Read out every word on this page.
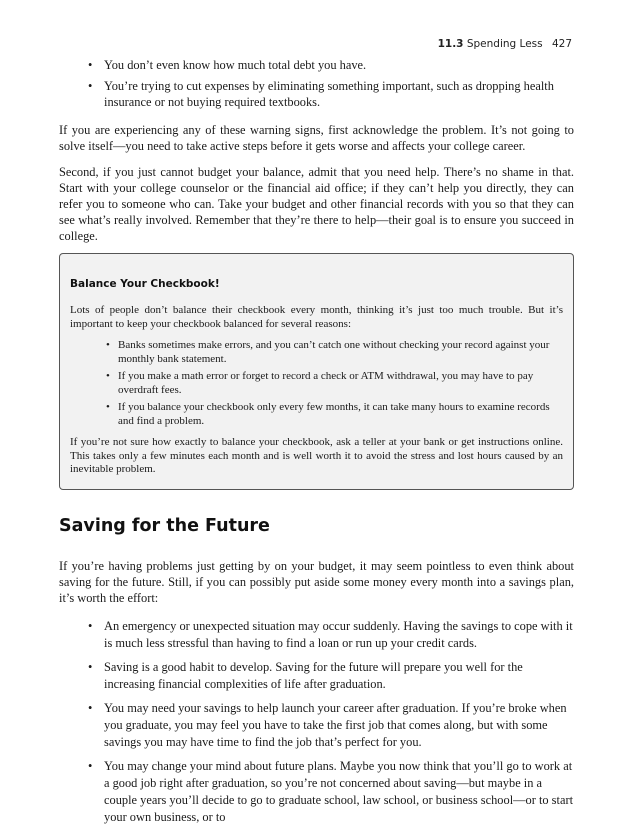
11.3 Spending Less 427
• You don’t even know how much total debt you have.
• You’re trying to cut expenses by eliminating something important, such as dropping health insurance or not buying required textbooks.

If you are experiencing any of these warning signs, first acknowledge the problem. It’s not going to solve itself—you need to take active steps before it gets worse and affects your college career.

Second, if you just cannot budget your balance, admit that you need help. There’s no shame in that. Start with your college counselor or the financial aid office; if they can’t help you directly, they can refer you to someone who can. Take your budget and other financial records with you so that they can see what’s really involved. Remember that they’re there to help—their goal is to ensure you succeed in college.

Balance Your Checkbook!

Lots of people don’t balance their checkbook every month, thinking it’s just too much trouble. But it’s important to keep your checkbook balanced for several reasons:

• Banks sometimes make errors, and you can’t catch one without checking your record against your monthly bank statement.
• If you make a math error or forget to record a check or ATM withdrawal, you may have to pay overdraft fees.
• If you balance your checkbook only every few months, it can take many hours to examine records and find a problem.

If you’re not sure how exactly to balance your checkbook, ask a teller at your bank or get instructions online. This takes only a few minutes each month and is well worth it to avoid the stress and lost hours caused by an inevitable problem.

Saving for the Future

If you’re having problems just getting by on your budget, it may seem pointless to even think about saving for the future. Still, if you can possibly put aside some money every month into a savings plan, it’s worth the effort:

• An emergency or unexpected situation may occur suddenly. Having the savings to cope with it is much less stressful than having to find a loan or run up your credit cards.
• Saving is a good habit to develop. Saving for the future will prepare you well for the increasing financial complexities of life after graduation.
• You may need your savings to help launch your career after graduation. If you’re broke when you graduate, you may feel you have to take the first job that comes along, but with some savings you may have time to find the job that’s perfect for you.
• You may change your mind about future plans. Maybe you now think that you’ll go to work at a good job right after graduation, so you’re not concerned about saving—but maybe in a couple years you’ll decide to go to graduate school, law school, or business school—or to start your own business, or to
